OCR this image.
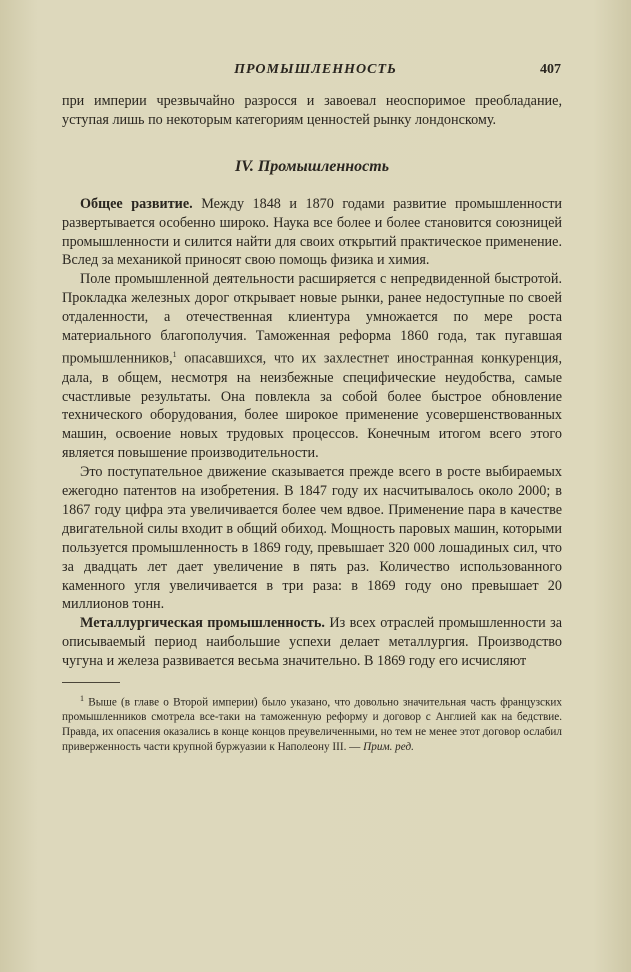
ПРОМЫШЛЕННОСТЬ	407

при империи чрезвычайно разросся и завоевал неоспоримое преобладание, уступая лишь по некоторым категориям ценностей рынку лондонскому.

IV. Промышленность

Общее развитие. Между 1848 и 1870 годами развитие промышленности развертывается особенно широко. Наука все более и более становится союзницей промышленности и силится найти для своих открытий практическое применение. Вслед за механикой приносят свою помощь физика и химия.

Поле промышленной деятельности расширяется с непредвиденной быстротой. Прокладка железных дорог открывает новые рынки, ранее недоступные по своей отдаленности, а отечественная клиентура умножается по мере роста материального благополучия. Таможенная реформа 1860 года, так пугавшая промышленников,$^1$ опасавшихся, что их захлестнет иностранная конкуренция, дала, в общем, несмотря на неизбежные специфические неудобства, самые счастливые результаты. Она повлекла за собой более быстрое обновление технического оборудования, более широкое применение усовершенствованных машин, освоение новых трудовых процессов. Конечным итогом всего этого является повышение производительности.

Это поступательное движение сказывается прежде всего в росте выбираемых ежегодно патентов на изобретения. В 1847 году их насчитывалось около 2000; в 1867 году цифра эта увеличивается более чем вдвое. Применение пара в качестве двигательной силы входит в общий обиход. Мощность паровых машин, которыми пользуется промышленность в 1869 году, превышает 320 000 лошадиных сил, что за двадцать лет дает увеличение в пять раз. Количество использованного каменного угля увеличивается в три раза: в 1869 году оно превышает 20 миллионов тонн.

Металлургическая промышленность. Из всех отраслей промышленности за описываемый период наибольшие успехи делает металлургия. Производство чугуна и железа развивается весьма значительно. В 1869 году его исчисляют

$^1$ Выше (в главе о Второй империи) было указано, что довольно значительная часть французских промышленников смотрела все-таки на таможенную реформу и договор с Англией как на бедствие. Правда, их опасения оказались в конце концов преувеличенными, но тем не менее этот договор ослабил приверженность части крупной буржуазии к Наполеону III. — Прим. ред.
